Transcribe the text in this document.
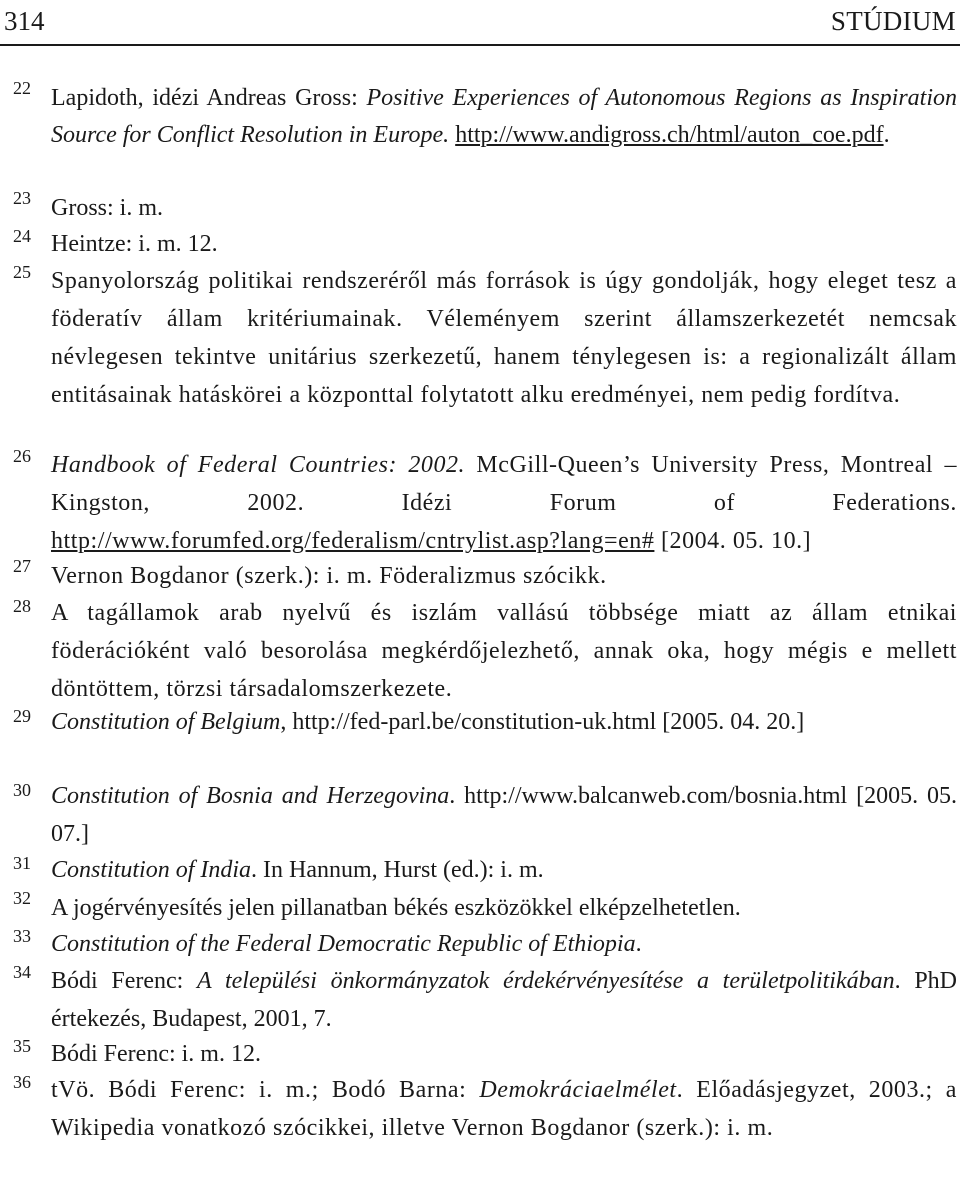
314	STÚDIUM
22 Lapidoth, idézi Andreas Gross: Positive Experiences of Autonomous Regions as Inspiration Source for Conflict Resolution in Europe. http://www.andigross.ch/html/auton_coe.pdf.
23 Gross: i. m.
24 Heintze: i. m. 12.
25 Spanyolország politikai rendszeréről más források is úgy gondolják, hogy eleget tesz a föderatív állam kritériumainak. Véleményem szerint államszerkezetét nemcsak névlegesen tekintve unitárius szerkezetű, hanem ténylegesen is: a regionalizált állam entitásainak hatáskörei a központtal folytatott alku eredményei, nem pedig fordítva.
26 Handbook of Federal Countries: 2002. McGill-Queen’s University Press, Montreal – Kingston, 2002. Idézi Forum of Federations. http://www.forumfed.org/federalism/cntrylist.asp?lang=en# [2004. 05. 10.]
27 Vernon Bogdanor (szerk.): i. m. Föderalizmus szócikk.
28 A tagállamok arab nyelvű és iszlám vallású többsége miatt az állam etnikai föderációként való besorolása megkérdőjelezhető, annak oka, hogy mégis e mellett döntöttem, törzsi társadalomszerkezete.
29 Constitution of Belgium, http://fed-parl.be/constitution-uk.html [2005. 04. 20.]
30 Constitution of Bosnia and Herzegovina. http://www.balcanweb.com/bosnia.html [2005. 05. 07.]
31 Constitution of India. In Hannum, Hurst (ed.): i. m.
32 A jogérvényesítés jelen pillanatban békés eszközökkel elképzelhetetlen.
33 Constitution of the Federal Democratic Republic of Ethiopia.
34 Bódi Ferenc: A települési önkormányzatok érdekérvényesítése a területpolitikában. PhD értekezés, Budapest, 2001, 7.
35 Bódi Ferenc: i. m. 12.
36 tVö. Bódi Ferenc: i. m.; Bodó Barna: Demokráciaelmélet. Előadásjegyzet, 2003.; a Wikipedia vonatkozó szócikkei, illetve Vernon Bogdanor (szerk.): i. m.
